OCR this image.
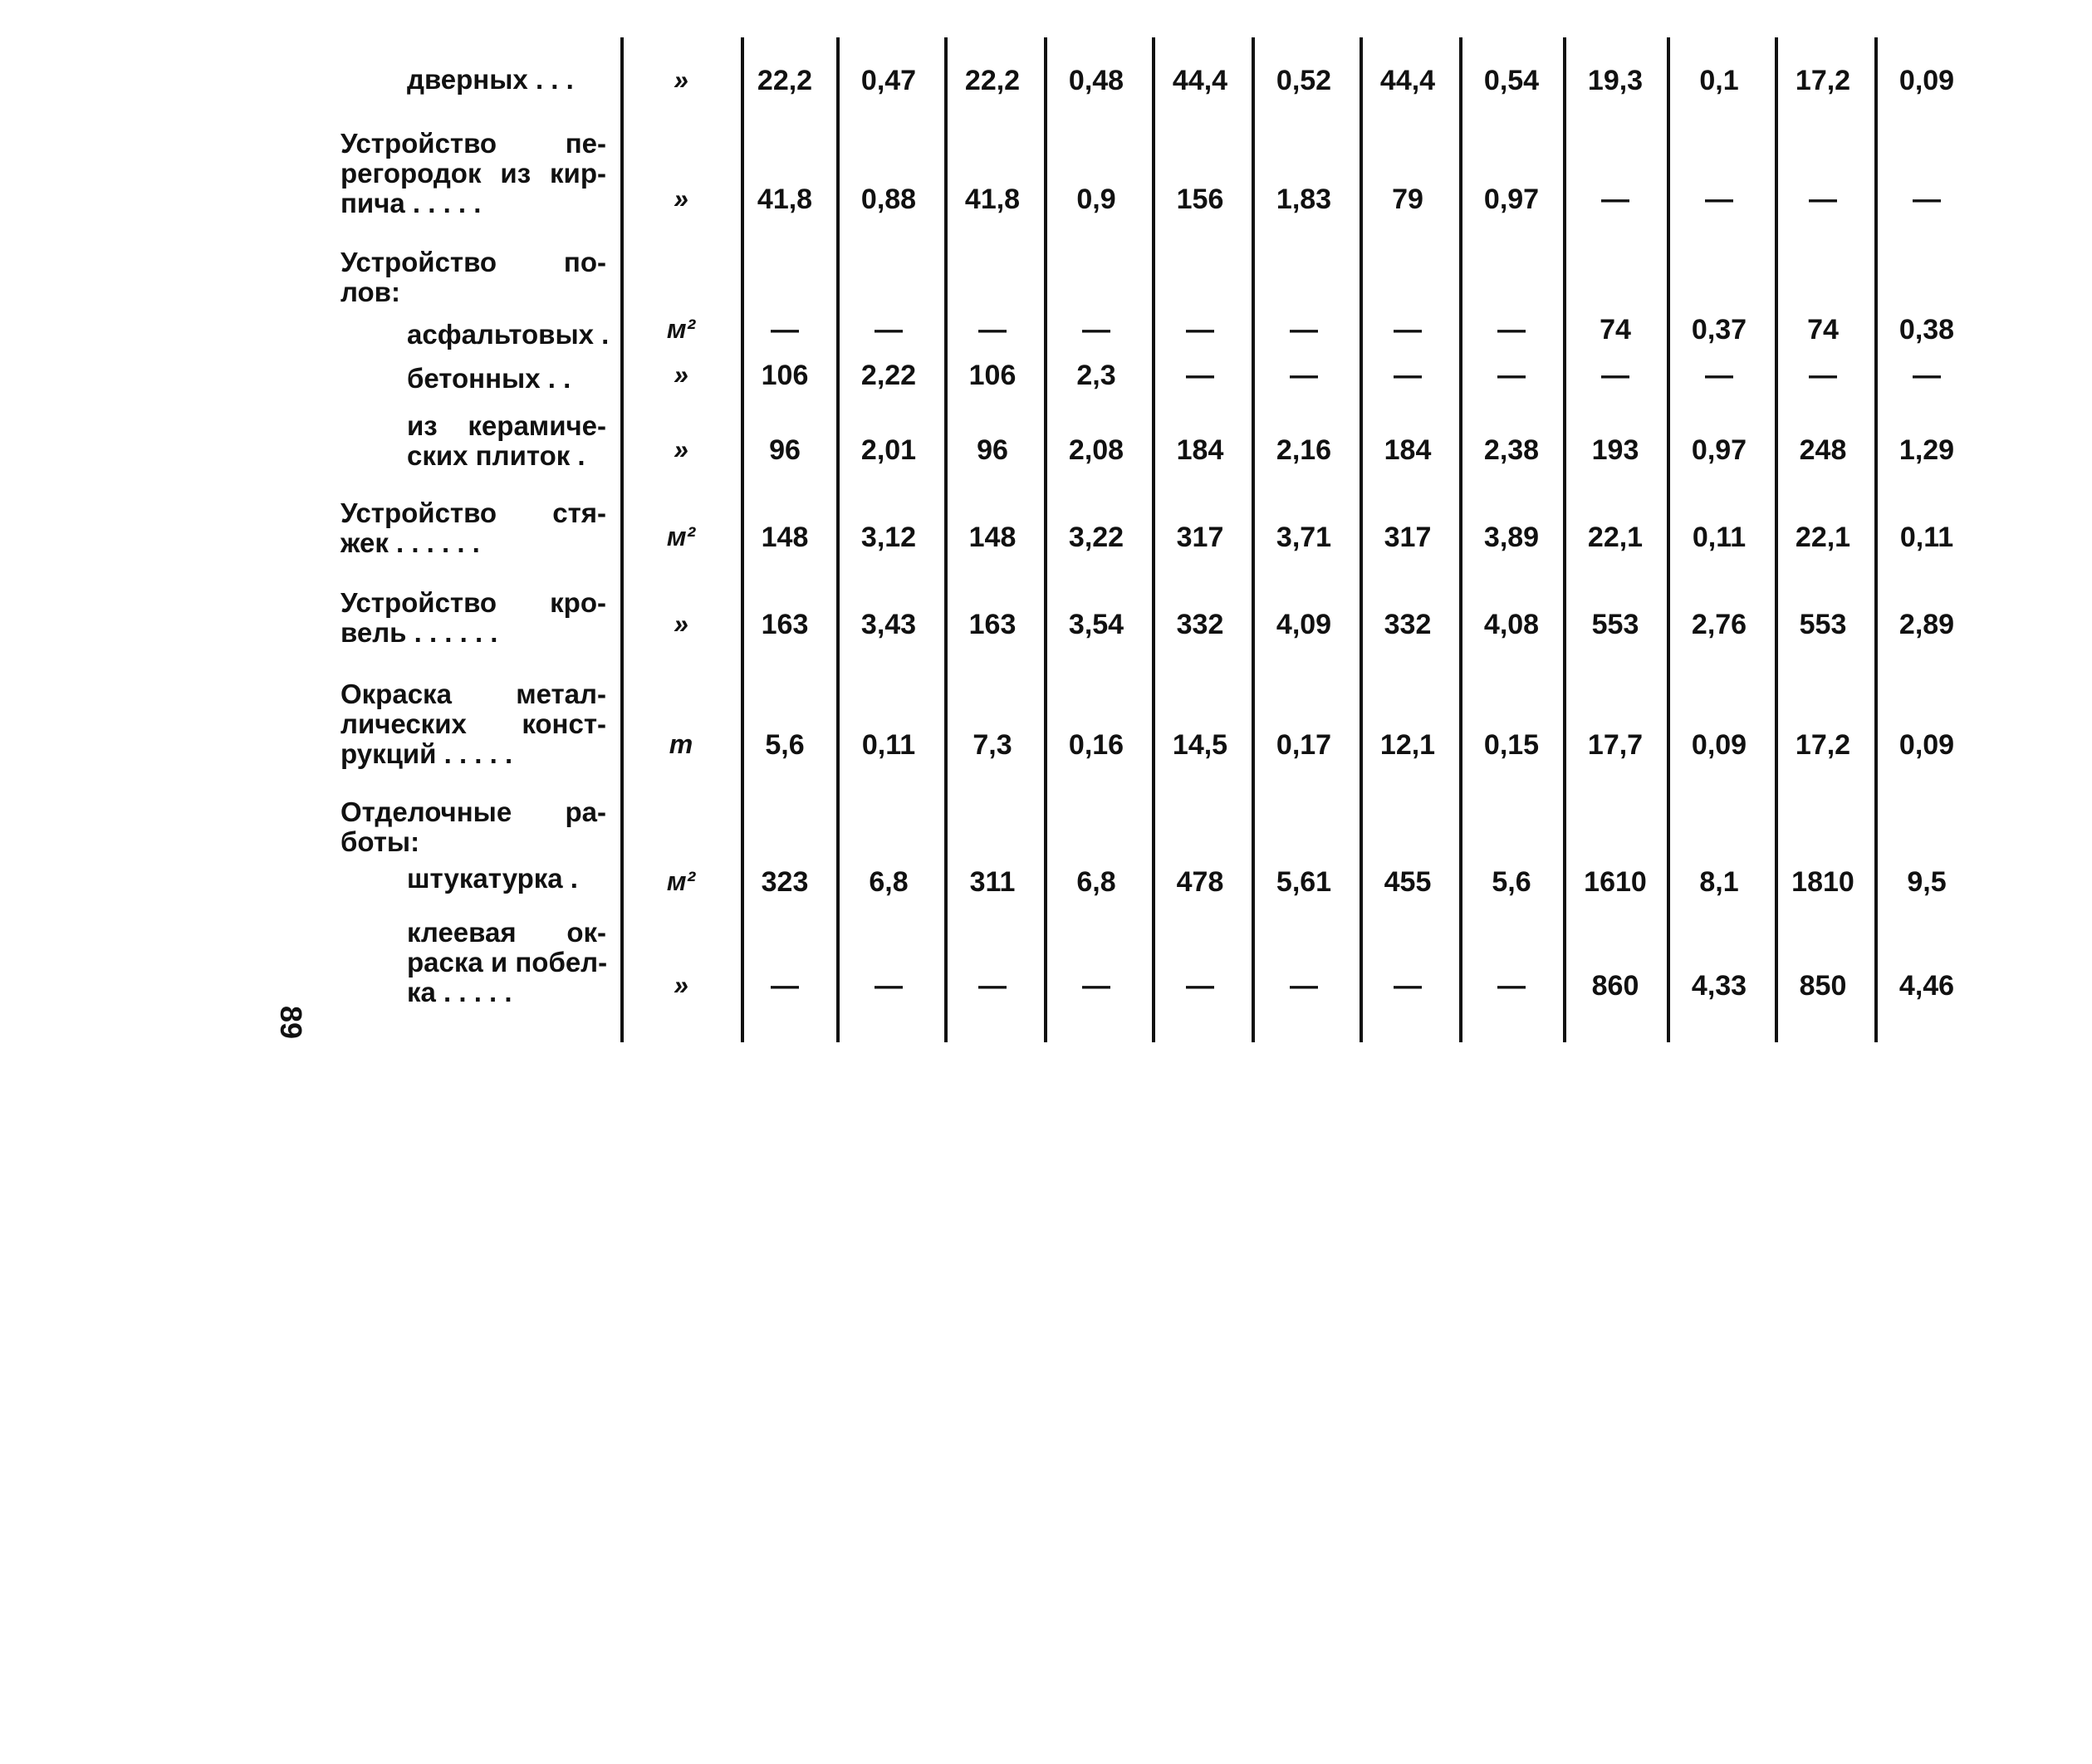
89
дверных . . .	»	22,2	0,47	22,2	0,48	44,4	0,52	44,4	0,54	19,3	0,1	17,2	0,09
Устройство пе-
регородок из кир-
пича . . . . .	»	41,8	0,88	41,8	0,9	156	1,83	79	0,97	—	—	—	—
Устройство по-
лов:
асфальтовых .	м²	—	—	—	—	—	—	—	—	74	0,37	74	0,38
бетонных . .	»	106	2,22	106	2,3	—	—	—	—	—	—	—	—
из керамиче-
ских плиток .	»	96	2,01	96	2,08	184	2,16	184	2,38	193	0,97	248	1,29
Устройство стя-
жек . . . . . .	м²	148	3,12	148	3,22	317	3,71	317	3,89	22,1	0,11	22,1	0,11
Устройство кро-
вель . . . . . .	»	163	3,43	163	3,54	332	4,09	332	4,08	553	2,76	553	2,89
Окраска метал-
лических конст-
рукций . . . . .	т	5,6	0,11	7,3	0,16	14,5	0,17	12,1	0,15	17,7	0,09	17,2	0,09
Отделочные ра-
боты:
штукатурка .	м²	323	6,8	311	6,8	478	5,61	455	5,6	1610	8,1	1810	9,5
клеевая ок-
раска и побел-
ка . . . . .	»	—	—	—	—	—	—	—	—	860	4,33	850	4,46
